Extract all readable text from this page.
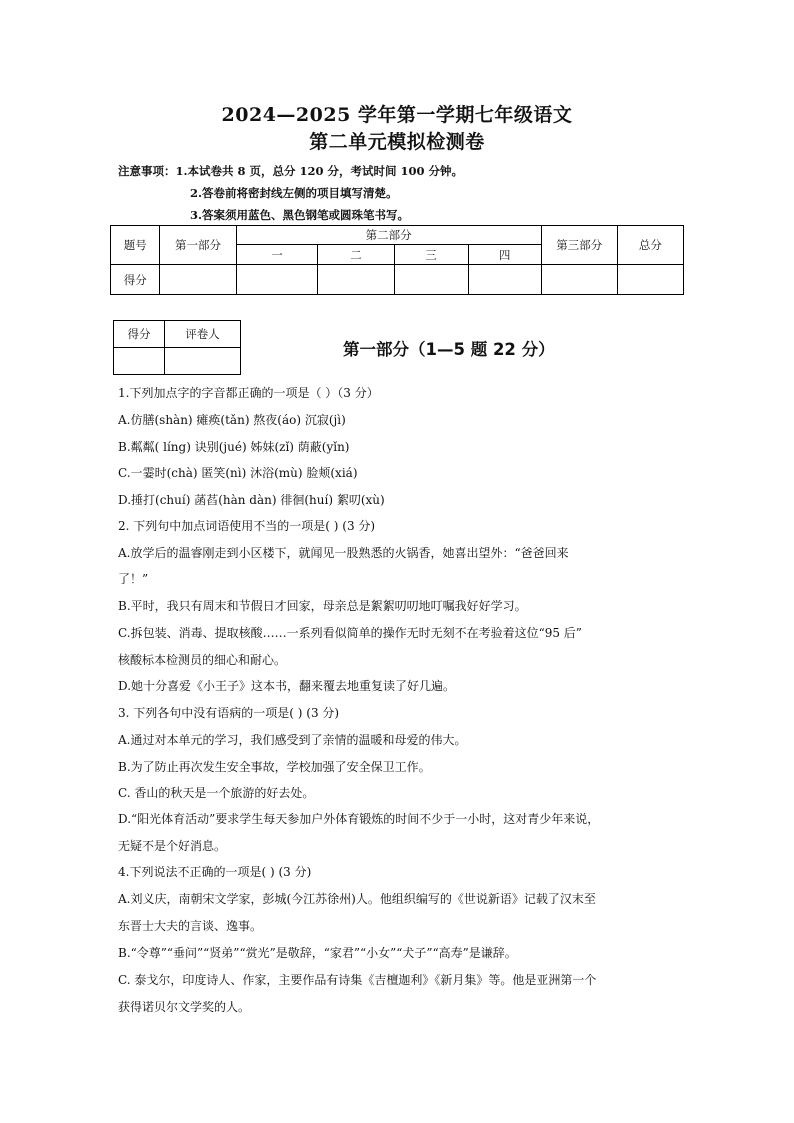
2024—2025 学年第一学期七年级语文
第二单元模拟检测卷
注意事项：1.本试卷共 8 页，总分 120 分，考试时间 100 分钟。
2.答卷前将密封线左侧的项目填写清楚。
3.答案须用蓝色、黑色钢笔或圆珠笔书写。
题号	第一部分	第二部分				第三部分	总分
		一	二	三	四		
得分							
得分	评卷人

第一部分（1—5 题 22 分）
1.下列加点字的字音都正确的一项是（ ）（3 分）
A.仿膳(shàn) 瘫痪(tǎn) 熬夜(áo) 沉寂(jì)
B.粼粼( líng) 诀别(jué) 姊妹(zǐ) 荫蔽(yǐn)
C.一霎时(chà) 匿笑(nì) 沐浴(mù) 脸颊(xiá)
D.捶打(chuí) 菡萏(hàn dàn) 徘徊(huí) 絮叨(xù)
2. 下列句中加点词语使用不当的一项是( ) (3 分)
A.放学后的温睿刚走到小区楼下，就闻见一股熟悉的火锅香，她喜出望外：“爸爸回来
了！”
B.平时，我只有周末和节假日才回家，母亲总是絮絮叨叨地叮嘱我好好学习。
C.拆包装、消毒、提取核酸……一系列看似简单的操作无时无刻不在考验着这位“95 后”
核酸标本检测员的细心和耐心。
D.她十分喜爱《小王子》这本书，翻来覆去地重复读了好几遍。
3. 下列各句中没有语病的一项是( ) (3 分)
A.通过对本单元的学习，我们感受到了亲情的温暖和母爱的伟大。
B.为了防止再次发生安全事故，学校加强了安全保卫工作。
C. 香山的秋天是一个旅游的好去处。
D.“阳光体育活动”要求学生每天参加户外体育锻炼的时间不少于一小时，这对青少年来说，
无疑不是个好消息。
4.下列说法不正确的一项是( ) (3 分)
A.刘义庆，南朝宋文学家，彭城(今江苏徐州)人。他组织编写的《世说新语》记载了汉末至
东晋士大夫的言谈、逸事。
B.“令尊”“垂问”“贤弟”“赏光”是敬辞，“家君”“小女”“犬子”“高寿”是谦辞。
C. 泰戈尔，印度诗人、作家，主要作品有诗集《吉檀迦利》《新月集》等。他是亚洲第一个
获得诺贝尔文学奖的人。
